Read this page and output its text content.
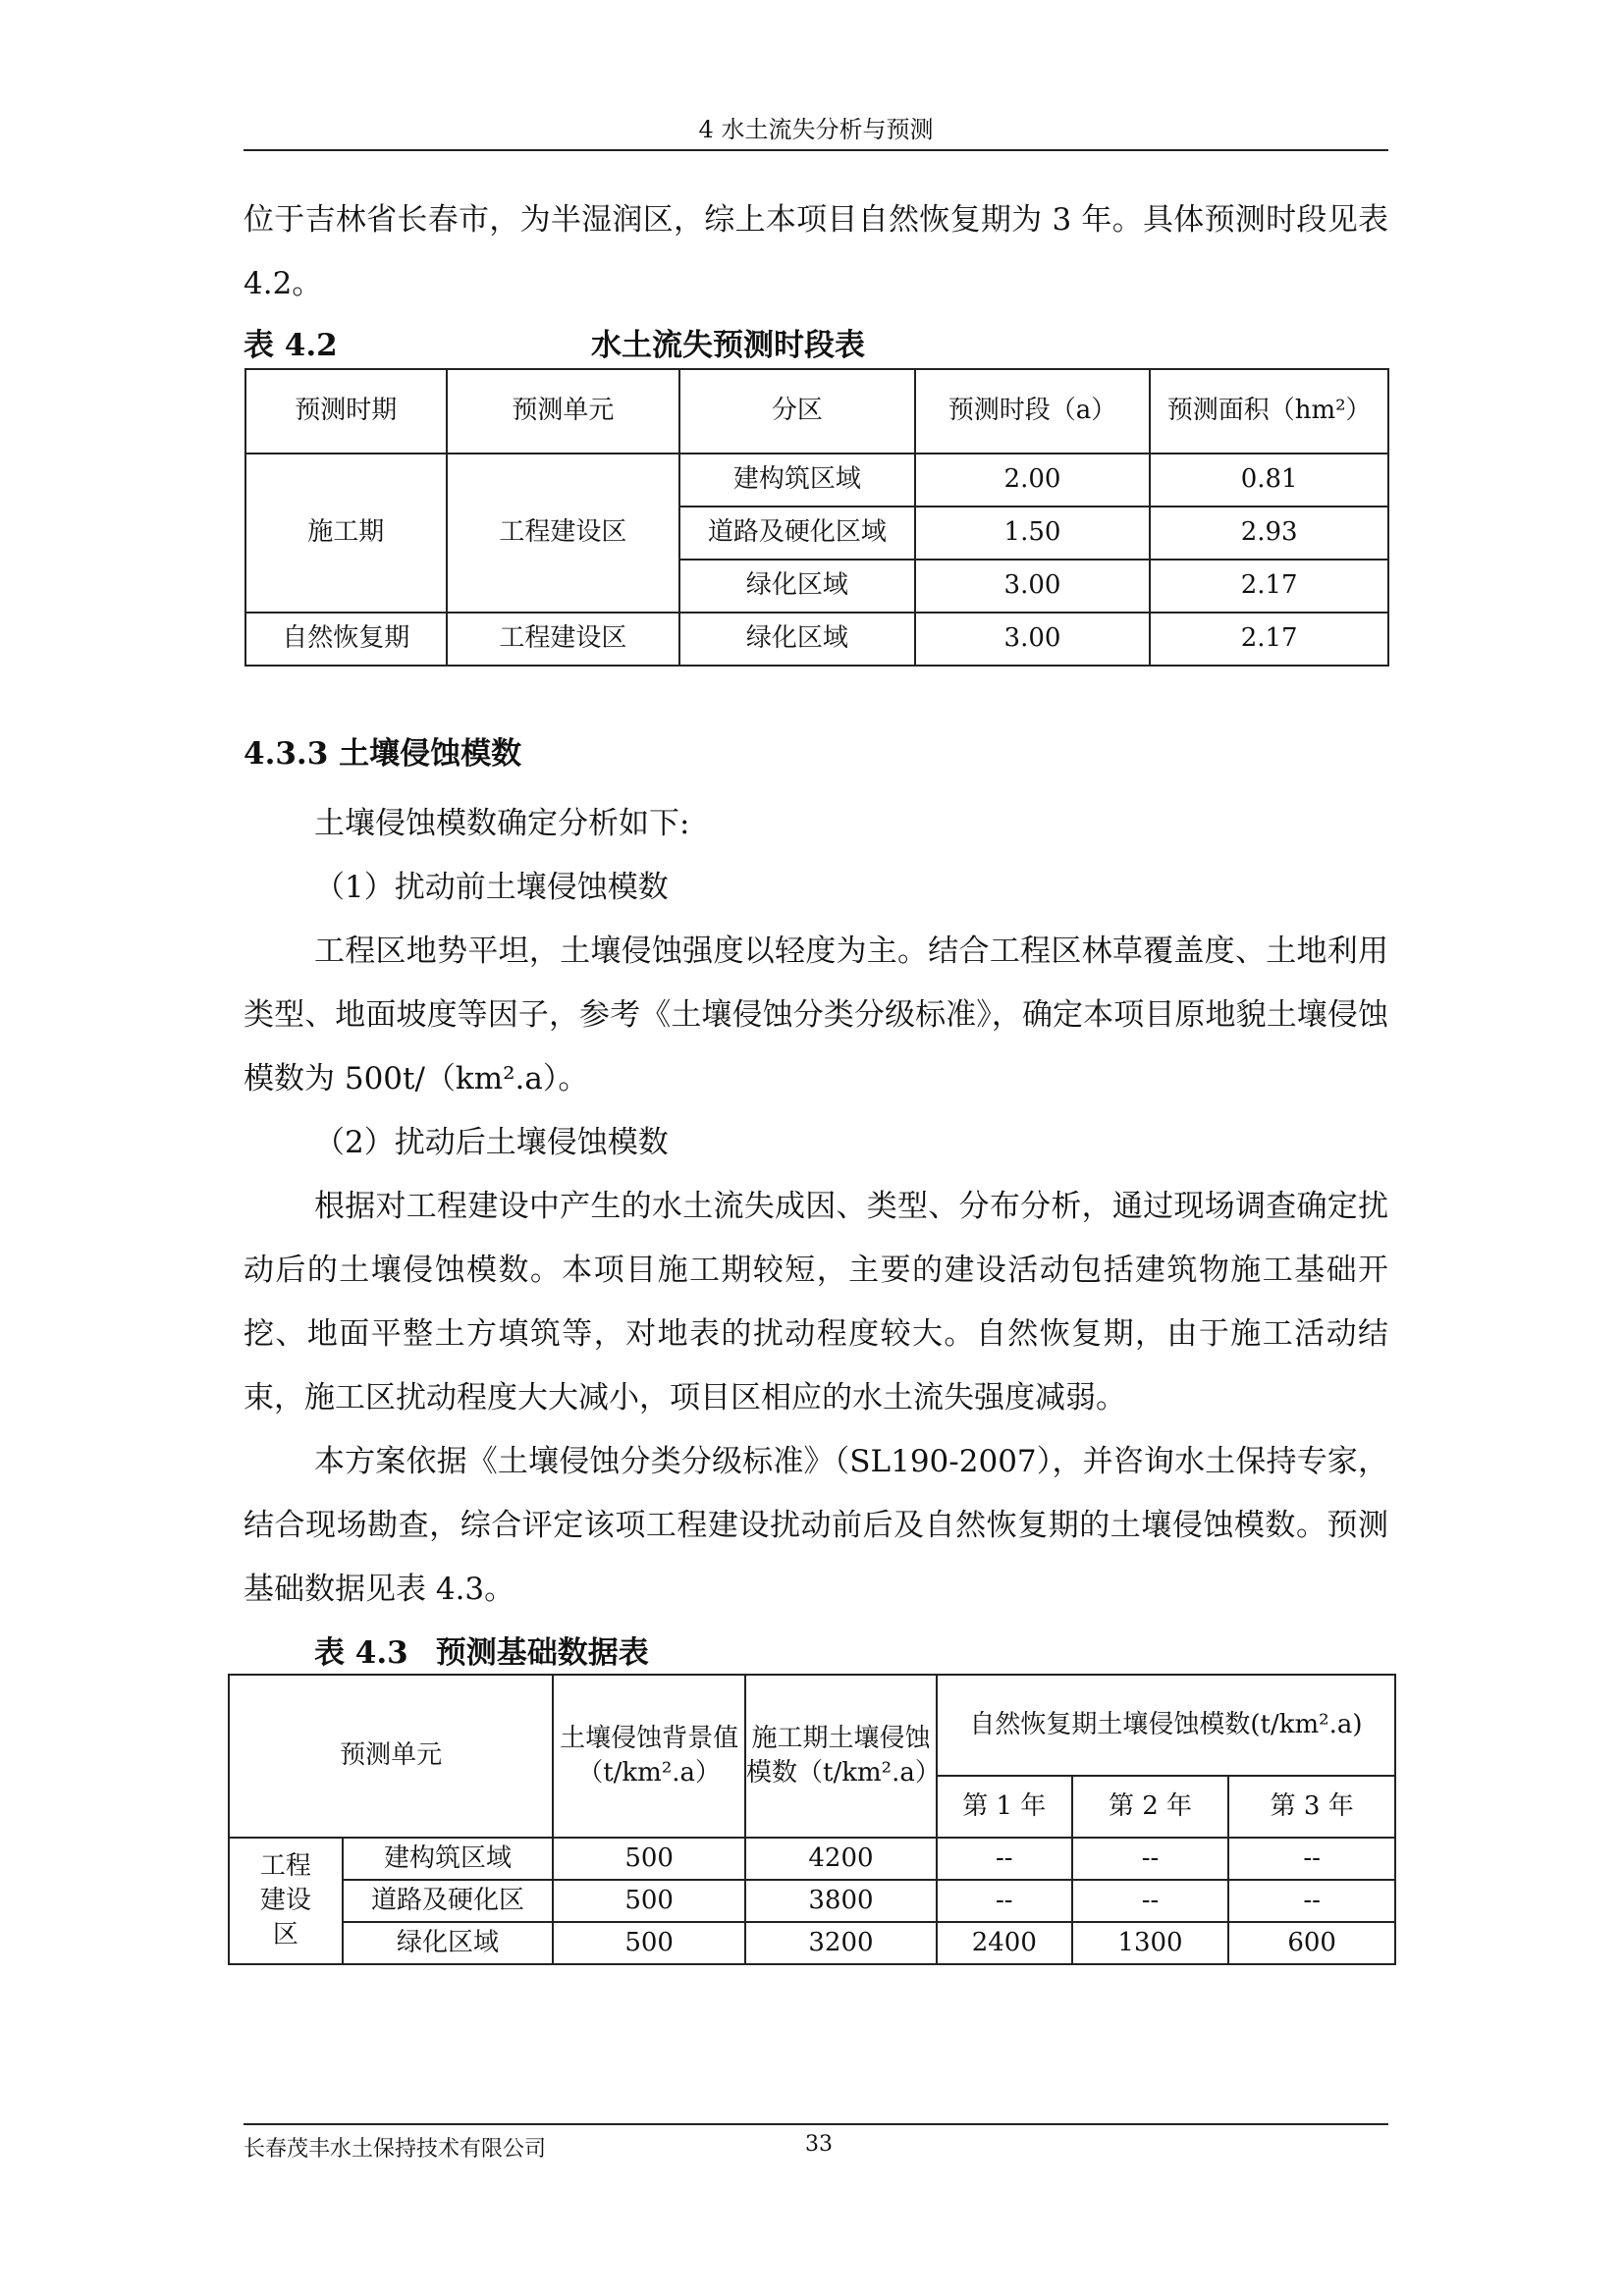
4 水土流失分析与预测

位于吉林省长春市，为半湿润区，综上本项目自然恢复期为 3 年。具体预测时段见表 4.2。

表 4.2	水土流失预测时段表
预测时期	预测单元	分区	预测时段（a）	预测面积（hm²）
施工期	工程建设区	建构筑区域	2.00	0.81
		道路及硬化区域	1.50	2.93
		绿化区域	3.00	2.17
自然恢复期	工程建设区	绿化区域	3.00	2.17
4.3.3 土壤侵蚀模数

土壤侵蚀模数确定分析如下:

（1）扰动前土壤侵蚀模数

工程区地势平坦，土壤侵蚀强度以轻度为主。结合工程区林草覆盖度、土地利用类型、地面坡度等因子，参考《土壤侵蚀分类分级标准》，确定本项目原地貌土壤侵蚀模数为 500t/（km².a）。

（2）扰动后土壤侵蚀模数

根据对工程建设中产生的水土流失成因、类型、分布分析，通过现场调查确定扰动后的土壤侵蚀模数。本项目施工期较短，主要的建设活动包括建筑物施工基础开挖、地面平整土方填筑等，对地表的扰动程度较大。自然恢复期，由于施工活动结束，施工区扰动程度大大减小，项目区相应的水土流失强度减弱。

本方案依据《土壤侵蚀分类分级标准》（SL190-2007），并咨询水土保持专家，结合现场勘查，综合评定该项工程建设扰动前后及自然恢复期的土壤侵蚀模数。预测基础数据见表 4.3。

表 4.3 预测基础数据表
预测单元		土壤侵蚀背景值（t/km².a）	施工期土壤侵蚀模数（t/km².a）	自然恢复期土壤侵蚀模数(t/km².a)		
				第 1 年	第 2 年	第 3 年
工程建设区	建构筑区域	500	4200	--	--	--
	道路及硬化区	500	3800	--	--	--
	绿化区域	500	3200	2400	1300	600
长春茂丰水土保持技术有限公司	33
